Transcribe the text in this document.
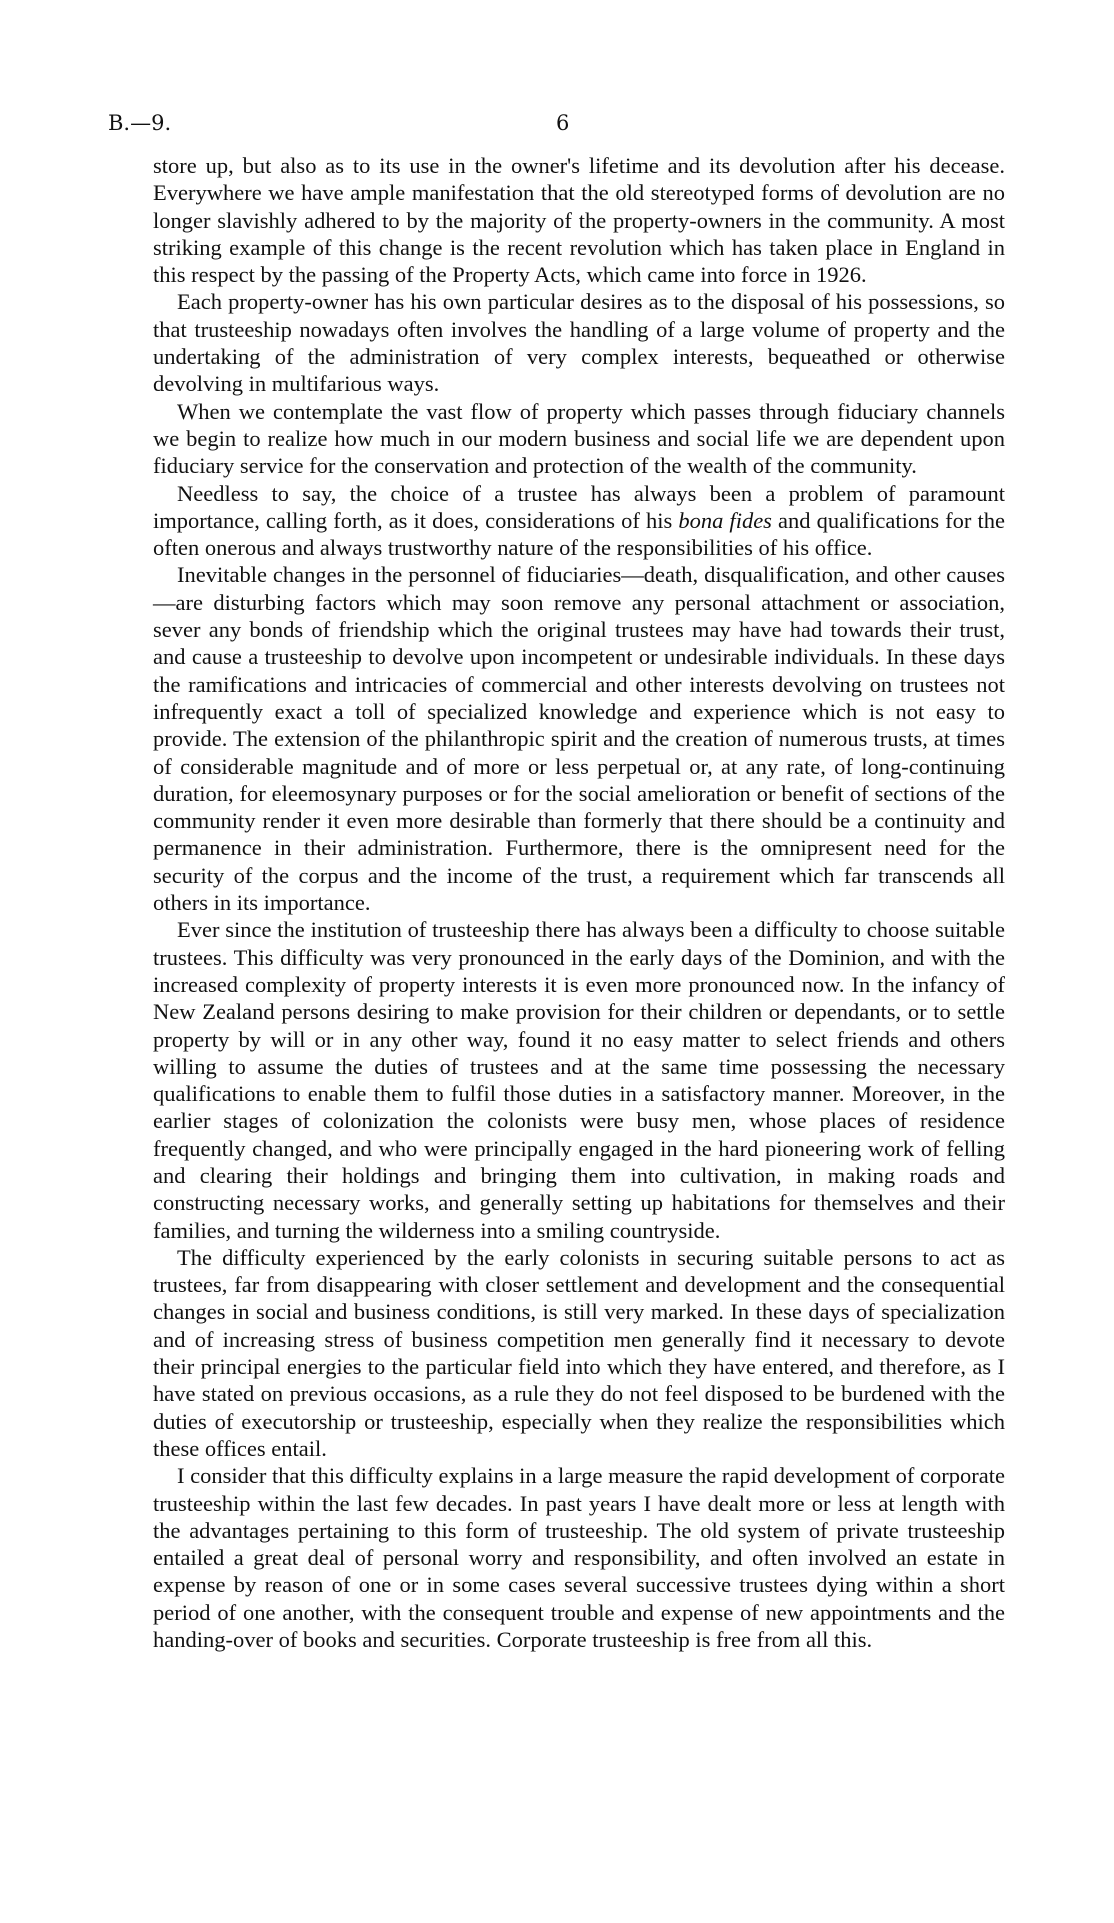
B.—9.	6

store up, but also as to its use in the owner's lifetime and its devolution after his decease. Everywhere we have ample manifestation that the old stereotyped forms of devolution are no longer slavishly adhered to by the majority of the property-owners in the community. A most striking example of this change is the recent revolution which has taken place in England in this respect by the passing of the Property Acts, which came into force in 1926.

Each property-owner has his own particular desires as to the disposal of his possessions, so that trusteeship nowadays often involves the handling of a large volume of property and the undertaking of the administration of very complex interests, bequeathed or otherwise devolving in multifarious ways.

When we contemplate the vast flow of property which passes through fiduciary channels we begin to realize how much in our modern business and social life we are dependent upon fiduciary service for the conservation and protection of the wealth of the community.

Needless to say, the choice of a trustee has always been a problem of paramount importance, calling forth, as it does, considerations of his bona fides and qualifications for the often onerous and always trustworthy nature of the responsibilities of his office.

Inevitable changes in the personnel of fiduciaries—death, disqualification, and other causes—are disturbing factors which may soon remove any personal attachment or association, sever any bonds of friendship which the original trustees may have had towards their trust, and cause a trusteeship to devolve upon incompetent or undesirable individuals. In these days the ramifications and intricacies of commercial and other interests devolving on trustees not infrequently exact a toll of specialized knowledge and experience which is not easy to provide. The extension of the philanthropic spirit and the creation of numerous trusts, at times of considerable magnitude and of more or less perpetual or, at any rate, of long-continuing duration, for eleemosynary purposes or for the social amelioration or benefit of sections of the community render it even more desirable than formerly that there should be a continuity and permanence in their administration. Furthermore, there is the omnipresent need for the security of the corpus and the income of the trust, a requirement which far transcends all others in its importance.

Ever since the institution of trusteeship there has always been a difficulty to choose suitable trustees. This difficulty was very pronounced in the early days of the Dominion, and with the increased complexity of property interests it is even more pronounced now. In the infancy of New Zealand persons desiring to make provision for their children or dependants, or to settle property by will or in any other way, found it no easy matter to select friends and others willing to assume the duties of trustees and at the same time possessing the necessary qualifications to enable them to fulfil those duties in a satisfactory manner. Moreover, in the earlier stages of colonization the colonists were busy men, whose places of residence frequently changed, and who were principally engaged in the hard pioneering work of felling and clearing their holdings and bringing them into cultivation, in making roads and constructing necessary works, and generally setting up habitations for themselves and their families, and turning the wilderness into a smiling countryside.

The difficulty experienced by the early colonists in securing suitable persons to act as trustees, far from disappearing with closer settlement and development and the consequential changes in social and business conditions, is still very marked. In these days of specialization and of increasing stress of business competition men generally find it necessary to devote their principal energies to the particular field into which they have entered, and therefore, as I have stated on previous occasions, as a rule they do not feel disposed to be burdened with the duties of executorship or trusteeship, especially when they realize the responsibilities which these offices entail.

I consider that this difficulty explains in a large measure the rapid development of corporate trusteeship within the last few decades. In past years I have dealt more or less at length with the advantages pertaining to this form of trusteeship. The old system of private trusteeship entailed a great deal of personal worry and responsibility, and often involved an estate in expense by reason of one or in some cases several successive trustees dying within a short period of one another, with the consequent trouble and expense of new appointments and the handing-over of books and securities. Corporate trusteeship is free from all this.
